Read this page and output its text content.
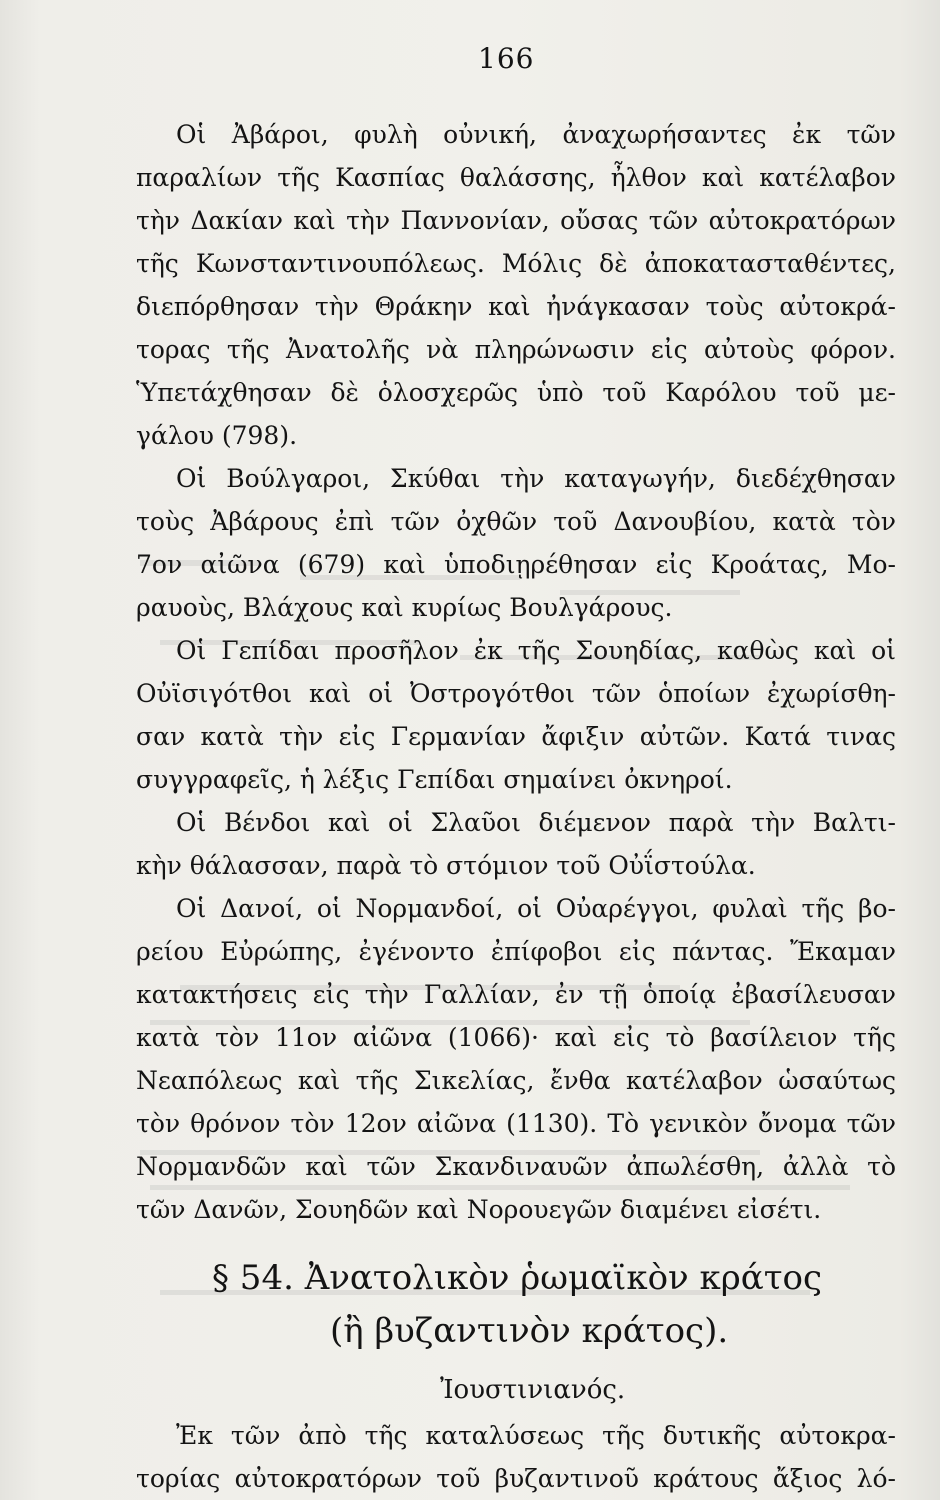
166
Οἱ Ἀβάροι, φυλὴ οὐνική, ἀναχωρήσαντες ἐκ τῶν
παραλίων τῆς Κασπίας θαλάσσης, ἦλθον καὶ κατέλαβον
τὴν Δακίαν καὶ τὴν Παννονίαν, οὔσας τῶν αὐτοκρατόρων
τῆς Κωνσταντινουπόλεως. Μόλις δὲ ἀποκατασταθέντες,
διεπόρθησαν τὴν Θράκην καὶ ἠνάγκασαν τοὺς αὐτοκρά-
τορας τῆς Ἀνατολῆς νὰ πληρώνωσιν εἰς αὐτοὺς φόρον.
Ὑπετάχθησαν δὲ ὁλοσχερῶς ὑπὸ τοῦ Καρόλου τοῦ με-
γάλου (798).
Οἱ Βούλγαροι, Σκύθαι τὴν καταγωγήν, διεδέχθησαν
τοὺς Ἀβάρους ἐπὶ τῶν ὀχθῶν τοῦ Δανουβίου, κατὰ τὸν
7ον αἰῶνα (679) καὶ ὑποδιῃρέθησαν εἰς Κροάτας, Μο-
ραυοὺς, Βλάχους καὶ κυρίως Βουλγάρους.
Οἱ Γεπίδαι προσῆλον ἐκ τῆς Σουηδίας, καθὼς καὶ οἱ
Οὐϊσιγότθοι καὶ οἱ Ὀστρογότθοι τῶν ὁποίων ἐχωρίσθη-
σαν κατὰ τὴν εἰς Γερμανίαν ἄφιξιν αὐτῶν. Κατά τινας
συγγραφεῖς, ἡ λέξις Γεπίδαι σημαίνει ὀκνηροί.
Οἱ Βένδοι καὶ οἱ Σλαῦοι διέμενον παρὰ τὴν Βαλτι-
κὴν θάλασσαν, παρὰ τὸ στόμιον τοῦ Οὐΐστούλα.
Οἱ Δανοί, οἱ Νορμανδοί, οἱ Οὐαρέγγοι, φυλαὶ τῆς βο-
ρείου Εὐρώπης, ἐγένοντο ἐπίφοβοι εἰς πάντας. Ἔκαμαν
κατακτήσεις εἰς τὴν Γαλλίαν, ἐν τῇ ὁποίᾳ ἐβασίλευσαν
κατὰ τὸν 11ον αἰῶνα (1066)· καὶ εἰς τὸ βασίλειον τῆς
Νεαπόλεως καὶ τῆς Σικελίας, ἔνθα κατέλαβον ὡσαύτως
τὸν θρόνον τὸν 12ον αἰῶνα (1130). Τὸ γενικὸν ὄνομα τῶν
Νορμανδῶν καὶ τῶν Σκανδιναυῶν ἀπωλέσθη, ἀλλὰ τὸ
τῶν Δανῶν, Σουηδῶν καὶ Νορουεγῶν διαμένει εἰσέτι.
§ 54. Ἀνατολικὸν ῥωμαϊκὸν κράτος
(ἢ βυζαντινὸν κράτος).
Ἰουστινιανός.
Ἐκ τῶν ἀπὸ τῆς καταλύσεως τῆς δυτικῆς αὐτοκρα-
τορίας αὐτοκρατόρων τοῦ βυζαντινοῦ κράτους ἄξιος λό-
